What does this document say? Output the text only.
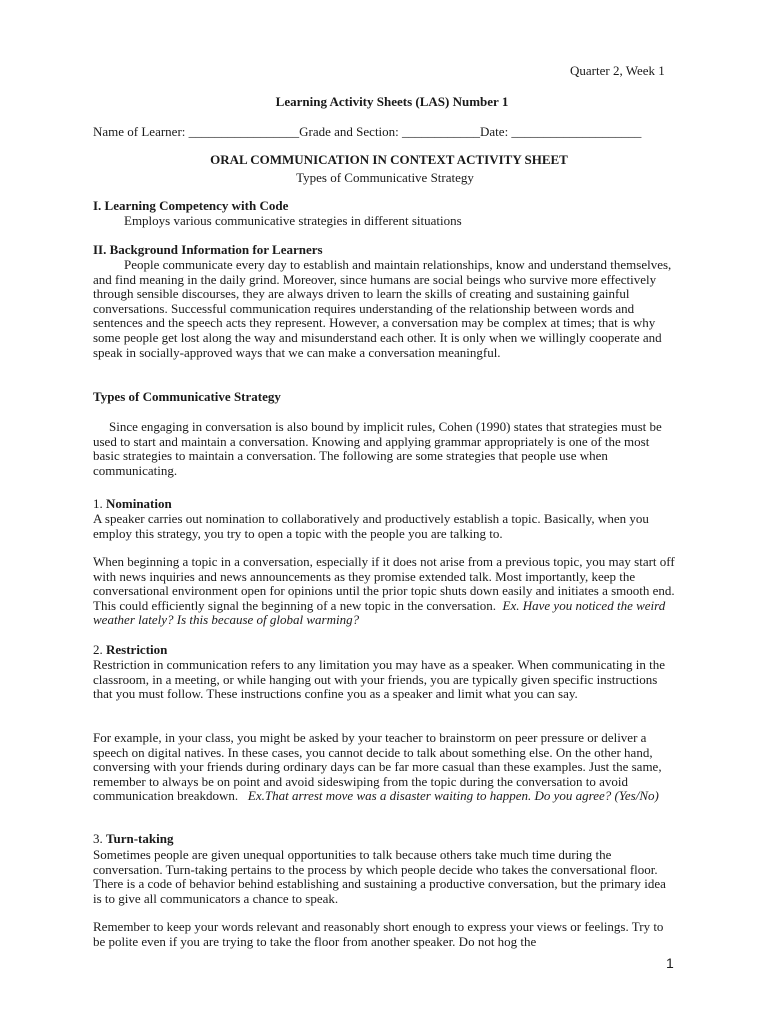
Quarter 2, Week 1
Learning Activity Sheets (LAS) Number 1
Name of Learner: _________________Grade and Section: ____________Date: ____________________
ORAL COMMUNICATION IN CONTEXT ACTIVITY SHEET
Types of Communicative Strategy
I. Learning Competency with Code
Employs various communicative strategies in different situations
II. Background Information for Learners

People communicate every day to establish and maintain relationships, know and understand themselves, and find meaning in the daily grind. Moreover, since humans are social beings who survive more effectively through sensible discourses, they are always driven to learn the skills of creating and sustaining gainful conversations. Successful communication requires understanding of the relationship between words and sentences and the speech acts they represent. However, a conversation may be complex at times; that is why some people get lost along the way and misunderstand each other. It is only when we willingly cooperate and speak in socially-approved ways that we can make a conversation meaningful.

Types of Communicative Strategy

Since engaging in conversation is also bound by implicit rules, Cohen (1990) states that strategies must be used to start and maintain a conversation. Knowing and applying grammar appropriately is one of the most basic strategies to maintain a conversation. The following are some strategies that people use when communicating.

1. Nomination

A speaker carries out nomination to collaboratively and productively establish a topic. Basically, when you employ this strategy, you try to open a topic with the people you are talking to.

When beginning a topic in a conversation, especially if it does not arise from a previous topic, you may start off with news inquiries and news announcements as they promise extended talk. Most importantly, keep the conversational environment open for opinions until the prior topic shuts down easily and initiates a smooth end. This could efficiently signal the beginning of a new topic in the conversation. Ex. Have you noticed the weird weather lately? Is this because of global warming?

2. Restriction

Restriction in communication refers to any limitation you may have as a speaker. When communicating in the classroom, in a meeting, or while hanging out with your friends, you are typically given specific instructions that you must follow. These instructions confine you as a speaker and limit what you can say.

For example, in your class, you might be asked by your teacher to brainstorm on peer pressure or deliver a speech on digital natives. In these cases, you cannot decide to talk about something else. On the other hand, conversing with your friends during ordinary days can be far more casual than these examples. Just the same, remember to always be on point and avoid sideswiping from the topic during the conversation to avoid communication breakdown. Ex.That arrest move was a disaster waiting to happen. Do you agree? (Yes/No)

3. Turn-taking

Sometimes people are given unequal opportunities to talk because others take much time during the conversation. Turn-taking pertains to the process by which people decide who takes the conversational floor. There is a code of behavior behind establishing and sustaining a productive conversation, but the primary idea is to give all communicators a chance to speak.

Remember to keep your words relevant and reasonably short enough to express your views or feelings. Try to be polite even if you are trying to take the floor from another speaker. Do not hog the

1
